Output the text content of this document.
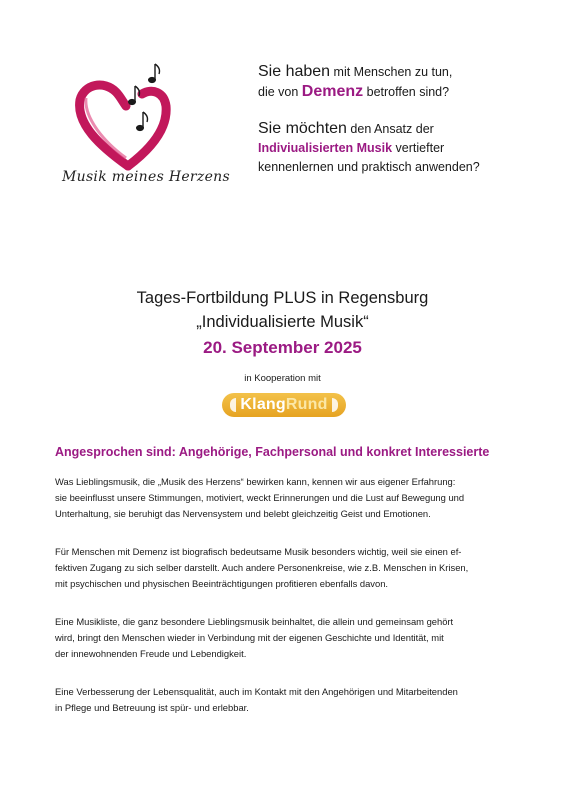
Musik meines Herzens

Sie haben mit Menschen zu tun,

die von Demenz betroffen sind?

Sie möchten den Ansatz der

Indiviualisierten Musik vertiefter

kennenlernen und praktisch anwenden?

Tages-Fortbildung PLUS in Regensburg
„Individualisierte Musik“
20. September 2025
in Kooperation mit
Klang Rund
Angesprochen sind: Angehörige, Fachpersonal und konkret Interessierte

Was Lieblingsmusik, die „Musik des Herzens“ bewirken kann, kennen wir aus eigener Erfahrung:
sie beeinflusst unsere Stimmungen, motiviert, weckt Erinnerungen und die Lust auf Bewegung und
Unterhaltung, sie beruhigt das Nervensystem und belebt gleichzeitig Geist und Emotionen.

Für Menschen mit Demenz ist biografisch bedeutsame Musik besonders wichtig, weil sie einen ef-
fektiven Zugang zu sich selber darstellt. Auch andere Personenkreise, wie z.B. Menschen in Krisen,
mit psychischen und physischen Beeinträchtigungen profitieren ebenfalls davon.

Eine Musikliste, die ganz besondere Lieblingsmusik beinhaltet, die allein und gemeinsam gehört
wird, bringt den Menschen wieder in Verbindung mit der eigenen Geschichte und Identität, mit
der innewohnenden Freude und Lebendigkeit.

Eine Verbesserung der Lebensqualität, auch im Kontakt mit den Angehörigen und Mitarbeitenden
in Pflege und Betreuung ist spür- und erlebbar.
